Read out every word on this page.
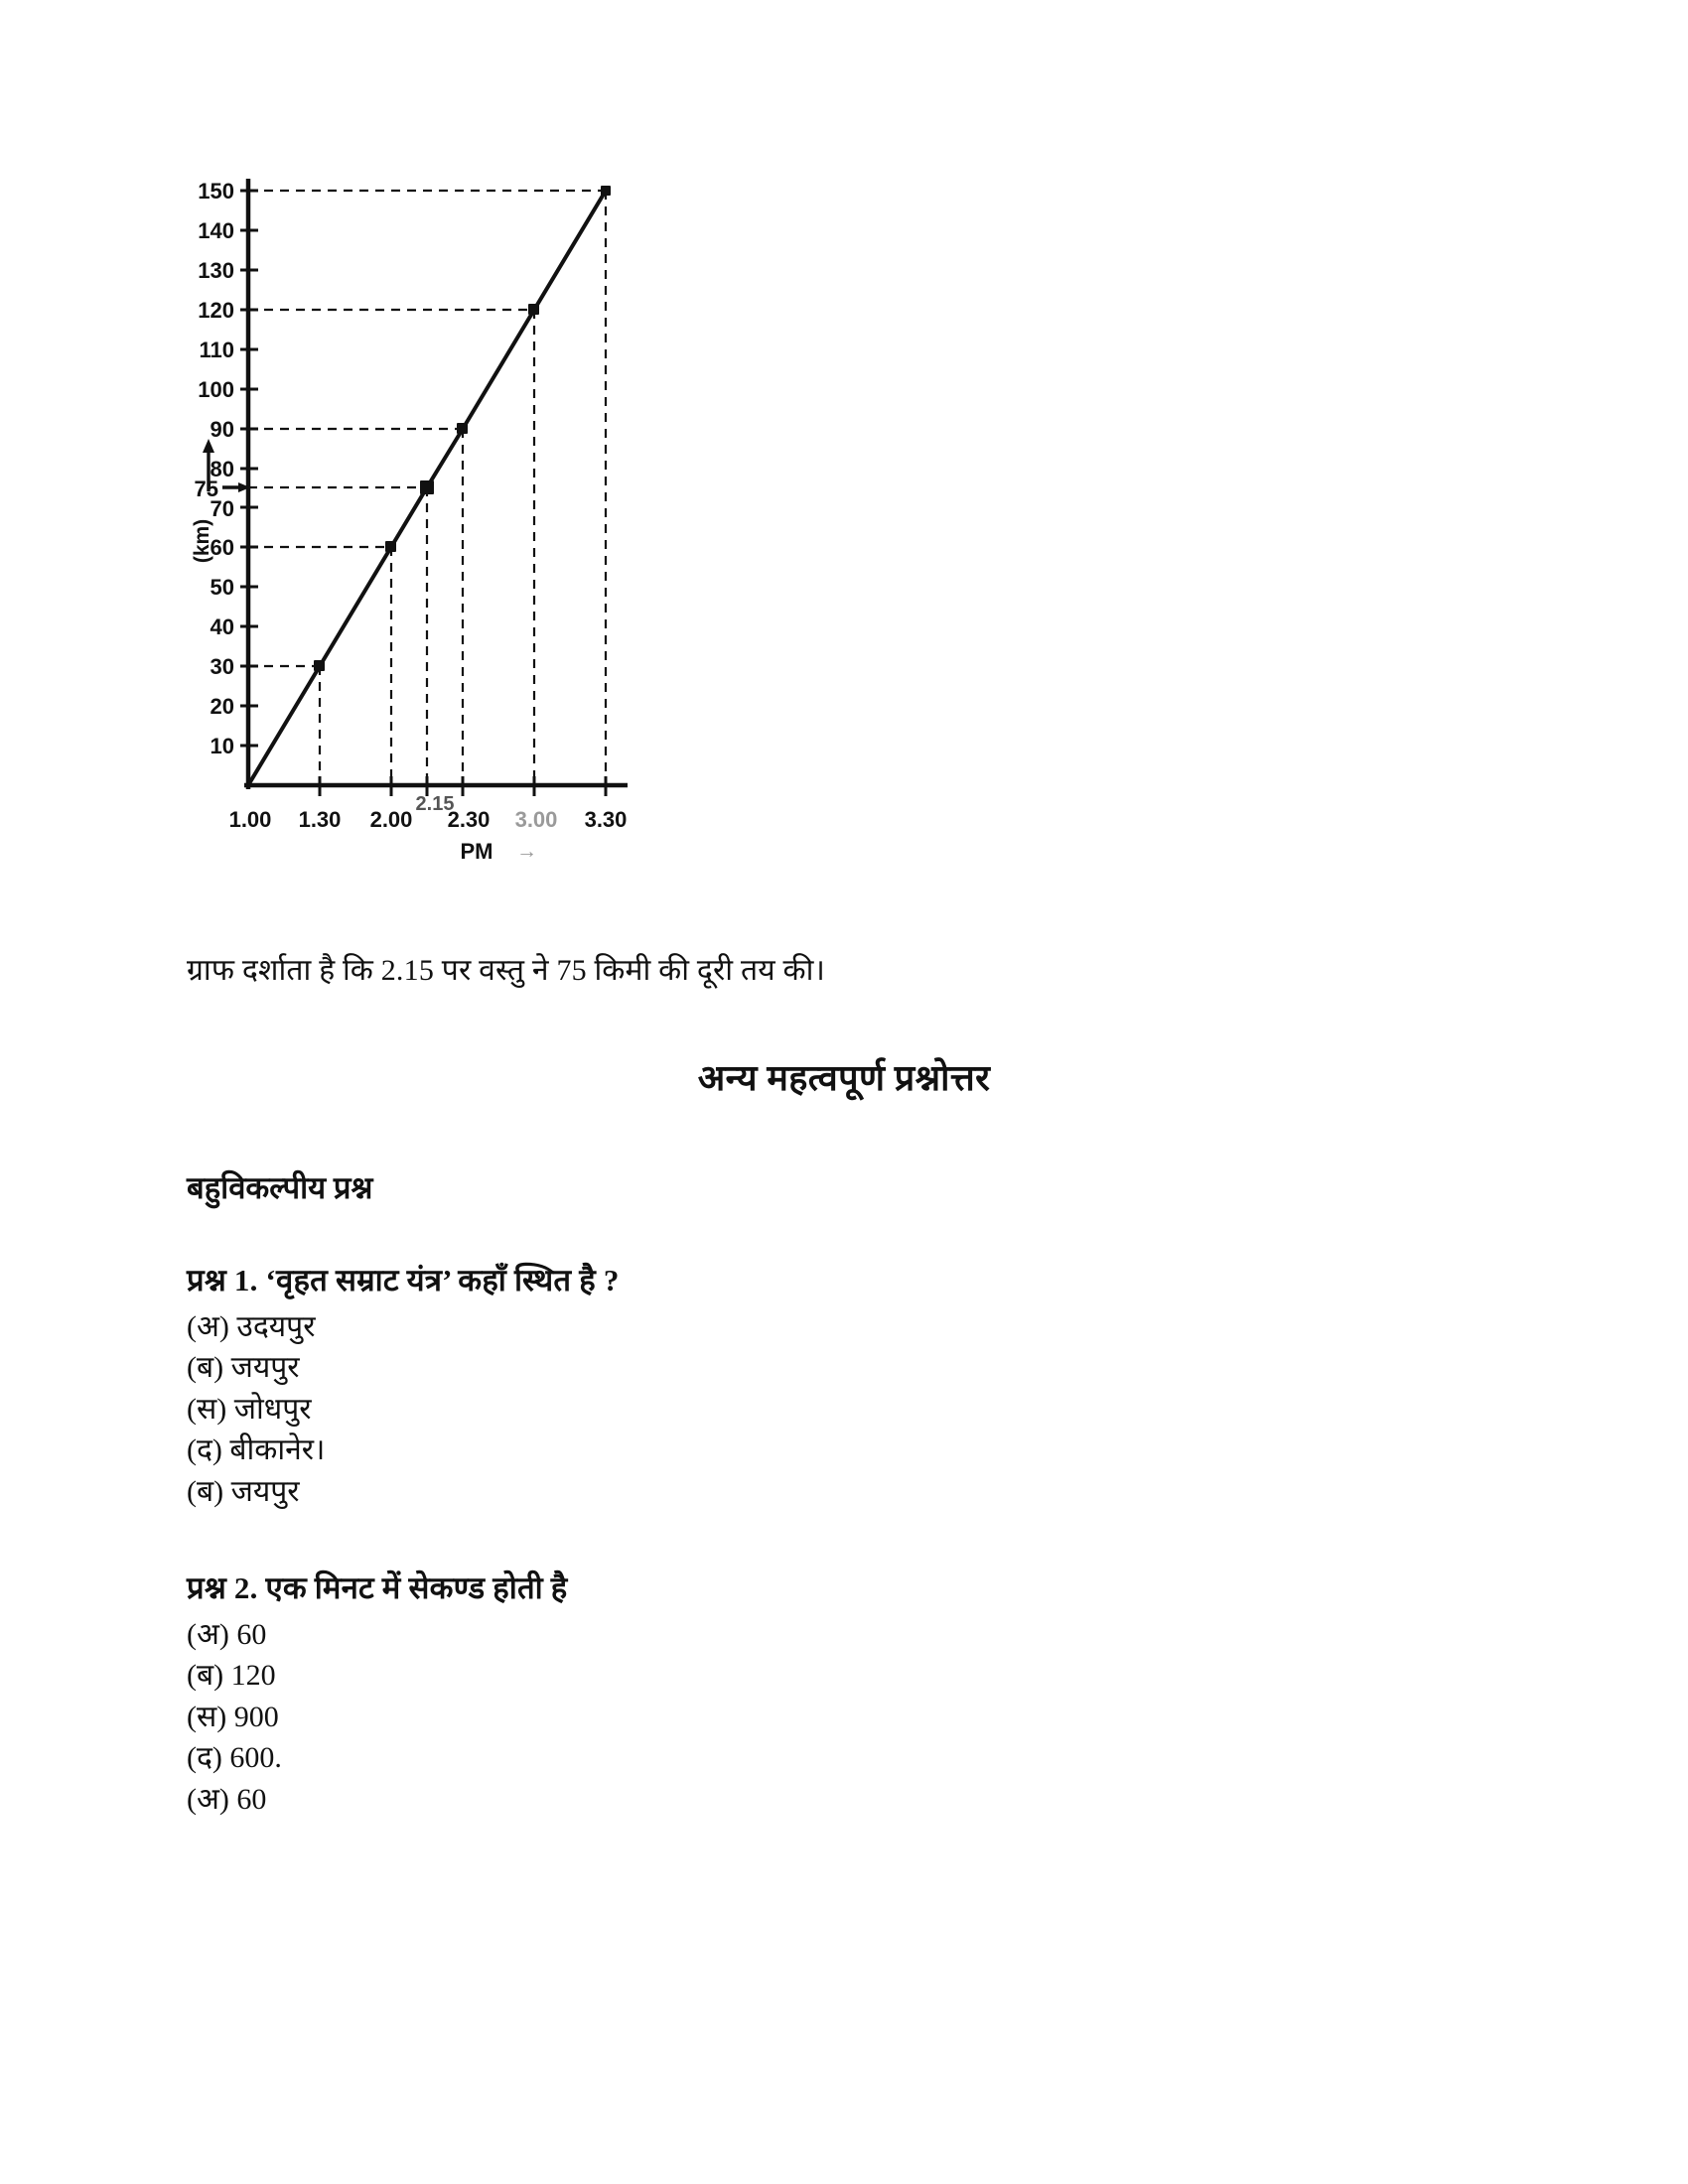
150
140
130
120
110
100
90
80
75
70
60
50
40
30
20
10
1.00 1.30 2.00
2.15
2.30 3.00 3.30
PM →
(km)
ग्राफ दर्शाता है कि 2.15 पर वस्तु ने 75 किमी की दूरी तय की।
अन्य महत्वपूर्ण प्रश्नोत्तर
बहुविकल्पीय प्रश्न

प्रश्न 1. ‘वृहत सम्राट यंत्र’ कहाँ स्थित है ?

(अ) उदयपुर

(ब) जयपुर

(स) जोधपुर

(द) बीकानेर।

(ब) जयपुर

प्रश्न 2. एक मिनट में सेकण्ड होती है

(अ) 60

(ब) 120

(स) 900

(द) 600.

(अ) 60
